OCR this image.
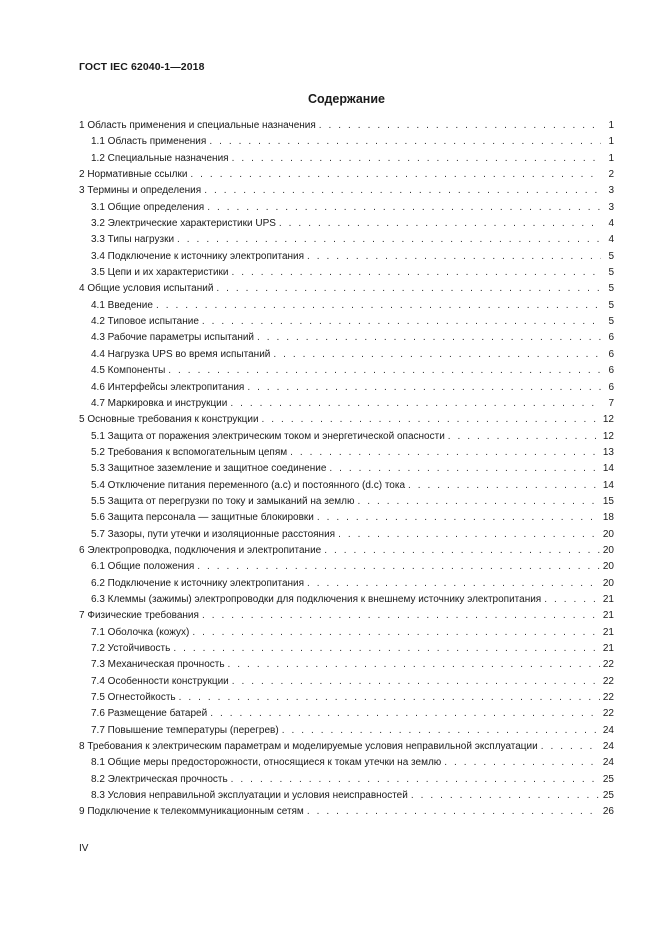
ГОСТ IEC 62040-1—2018
Содержание
1 Область применения и специальные назначения . . .	1
1.1 Область применения . . .	1
1.2 Специальные назначения . . .	1
2 Нормативные ссылки . . .	2
3 Термины и определения . . .	3
3.1 Общие определения . . .	3
3.2 Электрические характеристики UPS . . .	4
3.3 Типы нагрузки . . .	4
3.4 Подключение к источнику электропитания . . .	5
3.5 Цепи и их характеристики . . .	5
4 Общие условия испытаний . . .	5
4.1 Введение . . .	5
4.2 Типовое испытание . . .	5
4.3 Рабочие параметры испытаний . . .	6
4.4 Нагрузка UPS во время испытаний . . .	6
4.5 Компоненты . . .	6
4.6 Интерфейсы электропитания . . .	6
4.7 Маркировка и инструкции . . .	7
5 Основные требования к конструкции . . .	12
5.1 Защита от поражения электрическим током и энергетической опасности . . .	12
5.2 Требования к вспомогательным цепям . . .	13
5.3 Защитное заземление и защитное соединение . . .	14
5.4 Отключение питания переменного (a.c) и постоянного (d.c) тока . . .	14
5.5 Защита от перегрузки по току и замыканий на землю . . .	15
5.6 Защита персонала — защитные блокировки . . .	18
5.7 Зазоры, пути утечки и изоляционные расстояния . . .	20
6 Электропроводка, подключения и электропитание . . .	20
6.1 Общие положения . . .	20
6.2 Подключение к источнику электропитания . . .	20
6.3 Клеммы (зажимы) электропроводки для подключения к внешнему источнику электропитания . . .	21
7 Физические требования . . .	21
7.1 Оболочка (кожух) . . .	21
7.2 Устойчивость . . .	21
7.3 Механическая прочность . . .	22
7.4 Особенности конструкции . . .	22
7.5 Огнестойкость . . .	22
7.6 Размещение батарей . . .	22
7.7 Повышение температуры (перегрев) . . .	24
8 Требования к электрическим параметрам и моделируемые условия неправильной эксплуатации . . .	24
8.1 Общие меры предосторожности, относящиеся к токам утечки на землю . . .	24
8.2 Электрическая прочность . . .	25
8.3 Условия неправильной эксплуатации и условия неисправностей . . .	25
9 Подключение к телекоммуникационным сетям . . .	26
IV
